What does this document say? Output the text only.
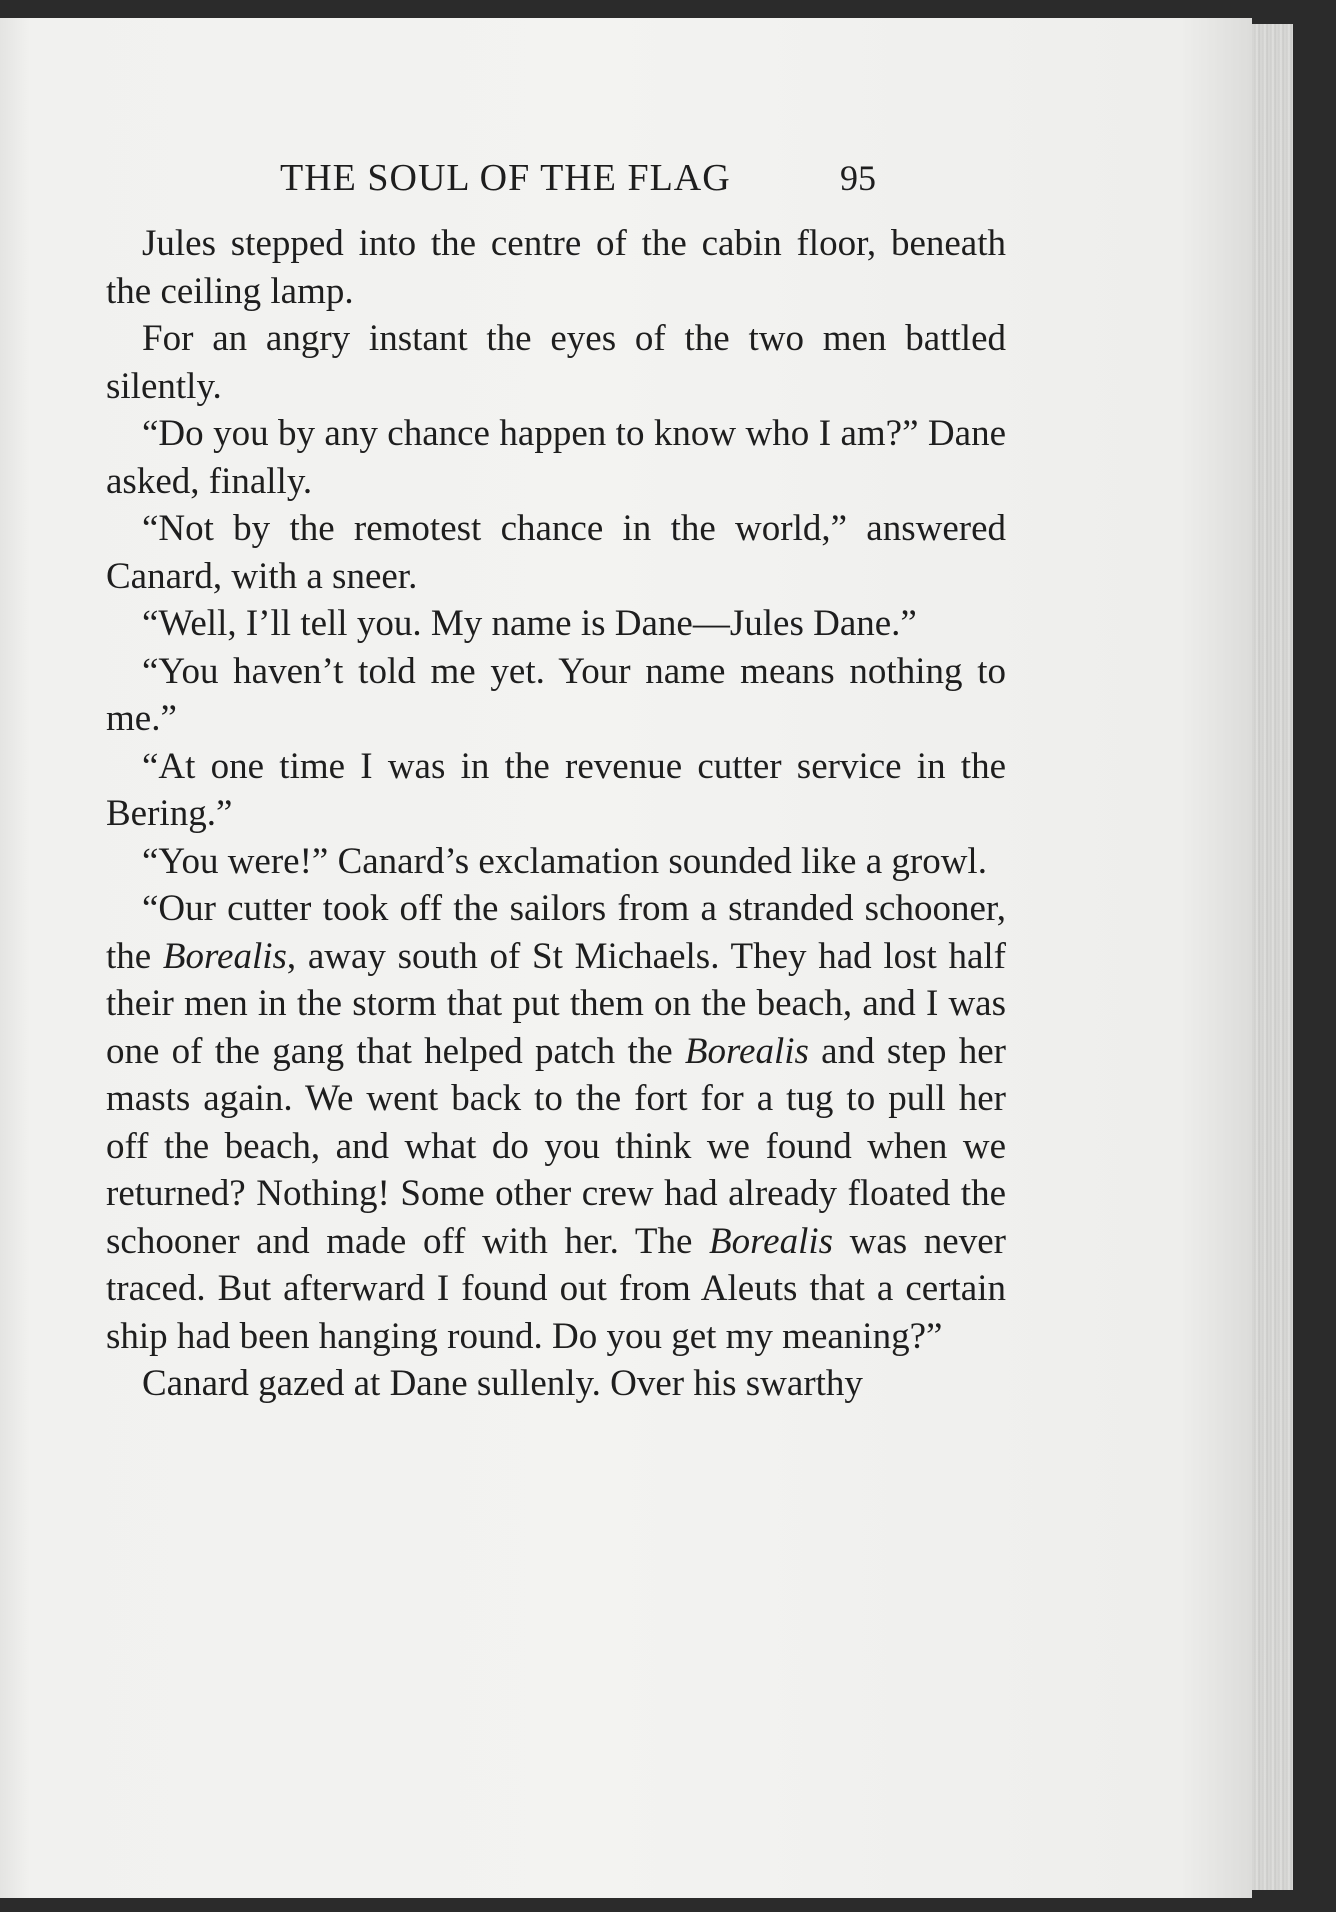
THE SOUL OF THE FLAG	95

Jules stepped into the centre of the cabin floor, beneath the ceiling lamp.

For an angry instant the eyes of the two men battled silently.

“Do you by any chance happen to know who I am?” Dane asked, finally.

“Not by the remotest chance in the world,” answered Canard, with a sneer.

“Well, I’ll tell you. My name is Dane—Jules Dane.”

“You haven’t told me yet. Your name means nothing to me.”

“At one time I was in the revenue cutter service in the Bering.”

“You were!” Canard’s exclamation sounded like a growl.

“Our cutter took off the sailors from a stranded schooner, the Borealis, away south of St Michaels. They had lost half their men in the storm that put them on the beach, and I was one of the gang that helped patch the Borealis and step her masts again. We went back to the fort for a tug to pull her off the beach, and what do you think we found when we returned? Nothing! Some other crew had already floated the schooner and made off with her. The Borealis was never traced. But afterward I found out from Aleuts that a certain ship had been hanging round. Do you get my meaning?”

Canard gazed at Dane sullenly. Over his swarthy
